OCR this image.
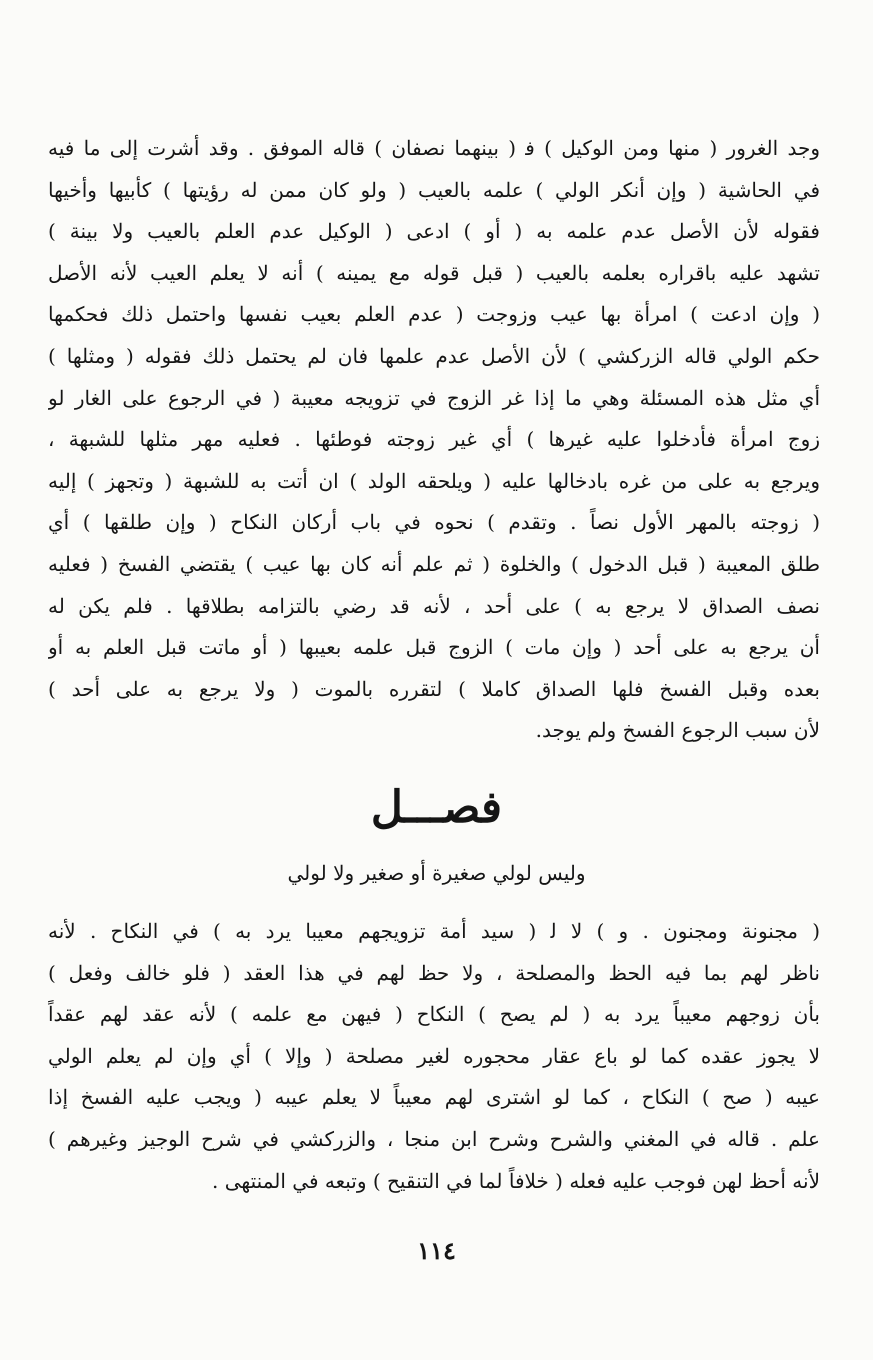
وجد الغرور ( منها ومن الوكيل ) ﻓ ( بينهما نصفان ) قاله الموفق . وقد أشرت إلى ما فيه
في الحاشية ( وإن أنكر الولي ) علمه بالعيب ( ولو كان ممن له رؤيتها ) كأبيها وأخيها
فقوله لأن الأصل عدم علمه به ( أو ) ادعى ( الوكيل عدم العلم بالعيب ولا بينة )
تشهد عليه باقراره بعلمه بالعيب ( قبل قوله مع يمينه ) أنه لا يعلم العيب لأنه الأصل
( وإن ادعت ) امرأة بها عيب وزوجت ( عدم العلم بعيب نفسها واحتمل ذلك فحكمها
حكم الولي قاله الزركشي ) لأن الأصل عدم علمها فان لم يحتمل ذلك فقوله ( ومثلها )
أي مثل هذه المسئلة وهي ما إذا غر الزوج في تزويجه معيبة ( في الرجوع على الغار لو
زوج امرأة فأدخلوا عليه غيرها ) أي غير زوجته فوطئها . فعليه مهر مثلها للشبهة ،
ويرجع به على من غره بادخالها عليه ( ويلحقه الولد ) ان أتت به للشبهة ( وتجهز ) إليه
( زوجته بالمهر الأول نصاً . وتقدم ) نحوه في باب أركان النكاح ( وإن طلقها ) أي
طلق المعيبة ( قبل الدخول ) والخلوة ( ثم علم أنه كان بها عيب ) يقتضي الفسخ ( فعليه
نصف الصداق لا يرجع به ) على أحد ، لأنه قد رضي بالتزامه بطلاقها . فلم يكن له
أن يرجع به على أحد ( وإن مات ) الزوج قبل علمه بعيبها ( أو ماتت قبل العلم به أو
بعده وقبل الفسخ فلها الصداق كاملا ) لتقرره بالموت ( ولا يرجع به على أحد )
لأن سبب الرجوع الفسخ ولم يوجد.
فصـــل
وليس لولي صغيرة أو صغير ولا لولي
( مجنونة ومجنون . و ) لا ﻟ ( سيد أمة تزويجهم معيبا يرد به ) في النكاح . لأنه
ناظر لهم بما فيه الحظ والمصلحة ، ولا حظ لهم في هذا العقد ( فلو خالف وفعل )
بأن زوجهم معيباً يرد به ( لم يصح ) النكاح ( فيهن مع علمه ) لأنه عقد لهم عقداً
لا يجوز عقده كما لو باع عقار محجوره لغير مصلحة ( وإلا ) أي وإن لم يعلم الولي
عيبه ( صح ) النكاح ، كما لو اشترى لهم معيباً لا يعلم عيبه ( ويجب عليه الفسخ إذا
علم . قاله في المغني والشرح وشرح ابن منجا ، والزركشي في شرح الوجيز وغيرهم )
لأنه أحظ لهن فوجب عليه فعله ( خلافاً لما في التنقيح ) وتبعه في المنتهى .
١١٤
